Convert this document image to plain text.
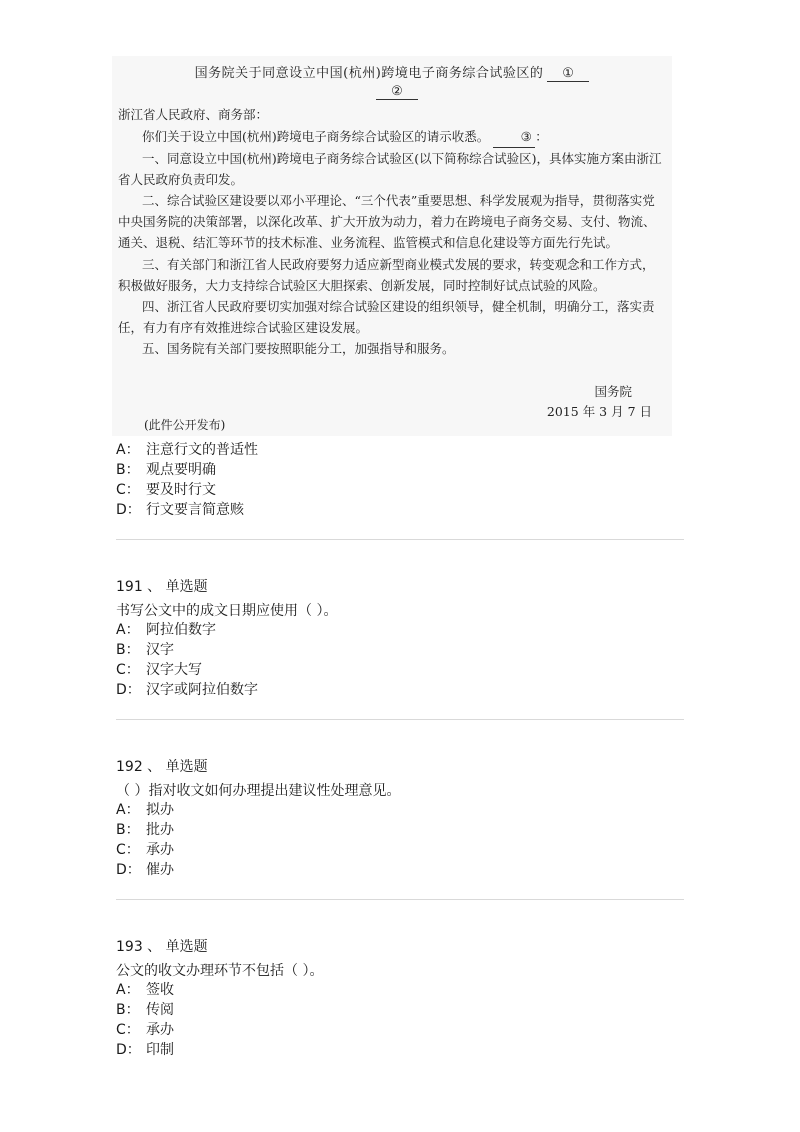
国务院关于同意设立中国(杭州)跨境电子商务综合试验区的 ①
②
浙江省人民政府、商务部：
你们关于设立中国(杭州)跨境电子商务综合试验区的请示收悉。	③ ：
一、同意设立中国(杭州)跨境电子商务综合试验区(以下简称综合试验区)，具体实施方案由浙江省人民政府负责印发。
二、综合试验区建设要以邓小平理论、“三个代表”重要思想、科学发展观为指导，贯彻落实党中央国务院的决策部署，以深化改革、扩大开放为动力，着力在跨境电子商务交易、支付、物流、通关、退税、结汇等环节的技术标准、业务流程、监管模式和信息化建设等方面先行先试。
三、有关部门和浙江省人民政府要努力适应新型商业模式发展的要求，转变观念和工作方式，积极做好服务，大力支持综合试验区大胆探索、创新发展，同时控制好试点试验的风险。
四、浙江省人民政府要切实加强对综合试验区建设的组织领导，健全机制，明确分工，落实责任，有力有序有效推进综合试验区建设发展。
五、国务院有关部门要按照职能分工，加强指导和服务。
国务院
2015 年 3 月 7 日
(此件公开发布)
A： 注意行文的普适性
B： 观点要明确
C： 要及时行文
D： 行文要言简意赅
191 、 单选题
书写公文中的成文日期应使用（ ）。
A： 阿拉伯数字
B： 汉字
C： 汉字大写
D： 汉字或阿拉伯数字
192 、 单选题
（ ）指对收文如何办理提出建议性处理意见。
A： 拟办
B： 批办
C： 承办
D： 催办
193 、 单选题
公文的收文办理环节不包括（ ）。
A： 签收
B： 传阅
C： 承办
D： 印制
